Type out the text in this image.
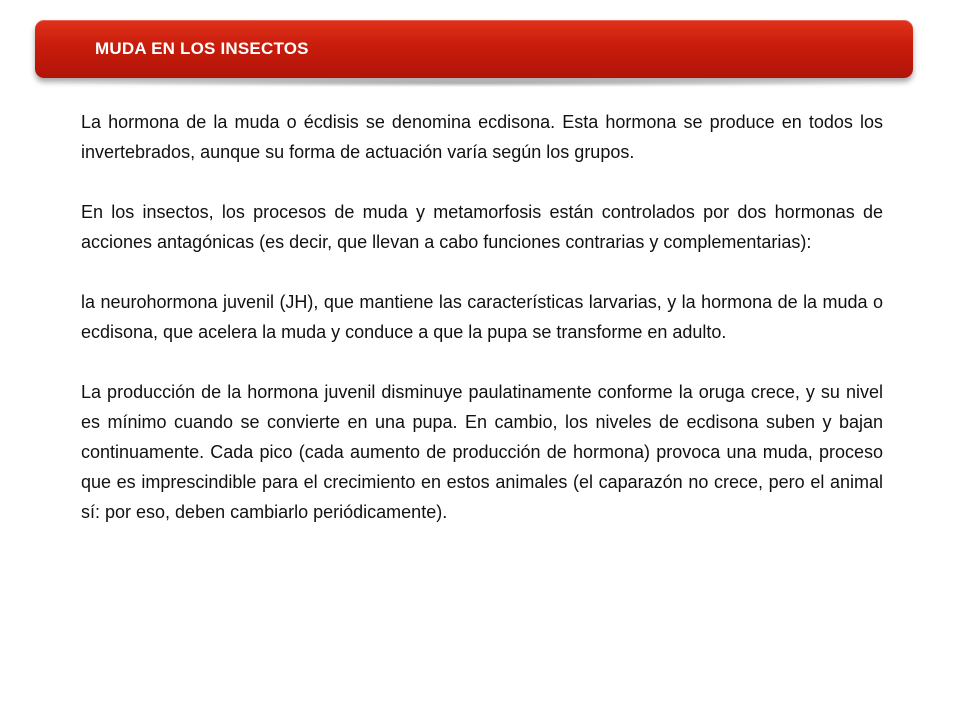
MUDA EN LOS INSECTOS

La hormona de la muda o écdisis se denomina ecdisona. Esta hormona se produce en todos los invertebrados, aunque su forma de actuación varía según los grupos.

En los insectos, los procesos de muda y metamorfosis están controlados por dos hormonas de acciones antagónicas (es decir, que llevan a cabo funciones contrarias y complementarias):

la neurohormona juvenil (JH), que mantiene las características larvarias, y la hormona de la muda o ecdisona, que acelera la muda y conduce a que la pupa se transforme en adulto.

La producción de la hormona juvenil disminuye paulatinamente conforme la oruga crece, y su nivel es mínimo cuando se convierte en una pupa. En cambio, los niveles de ecdisona suben y bajan continuamente. Cada pico (cada aumento de producción de hormona) provoca una muda, proceso que es imprescindible para el crecimiento en estos animales (el caparazón no crece, pero el animal sí: por eso, deben cambiarlo periódicamente).
